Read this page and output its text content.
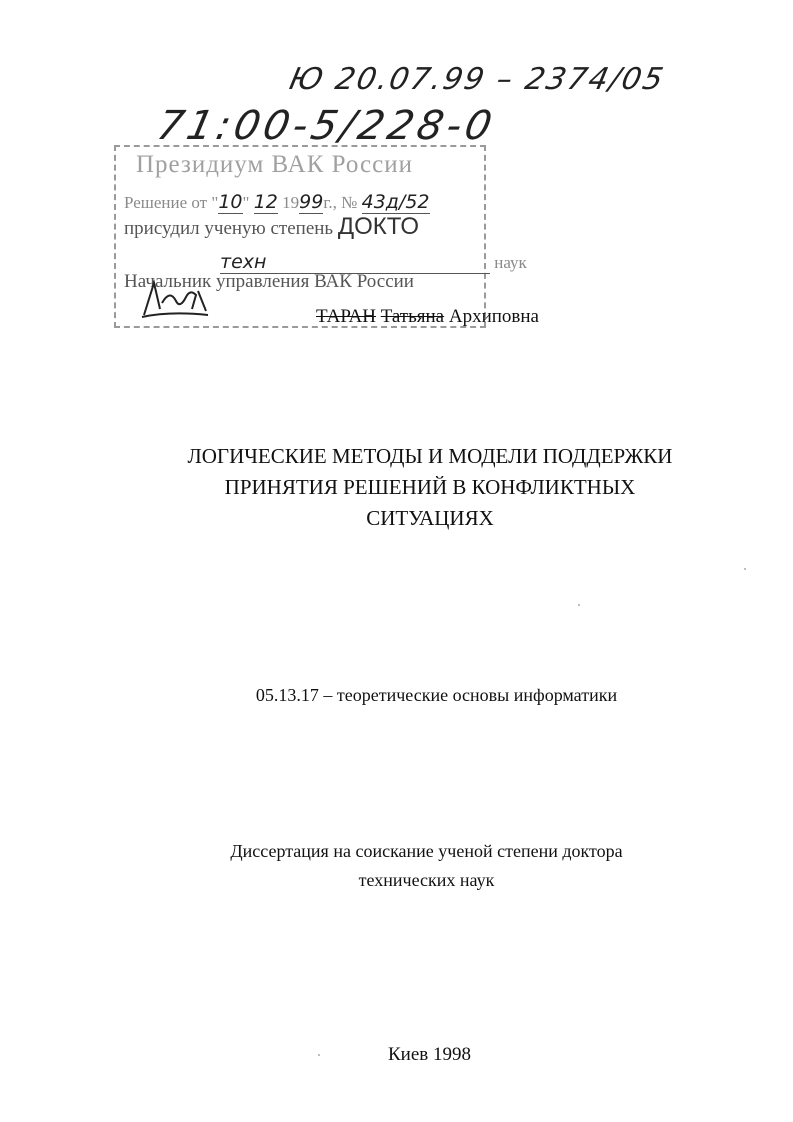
Ю 20.07.99 – 2374/05
71:00-5/228-0
Президиум ВАК России
Решение от "10" 12 1999г., № 43д/52
присудил ученую степень ДОКТО
техн	наук
Начальник управления ВАК России
ТАРАН Татьяна Архиповна
ЛОГИЧЕСКИЕ МЕТОДЫ И МОДЕЛИ ПОДДЕРЖКИ
ПРИНЯТИЯ РЕШЕНИЙ В КОНФЛИКТНЫХ
СИТУАЦИЯХ
05.13.17 – теоретические основы информатики
Диссертация на соискание ученой степени доктора
технических наук
Киев 1998
